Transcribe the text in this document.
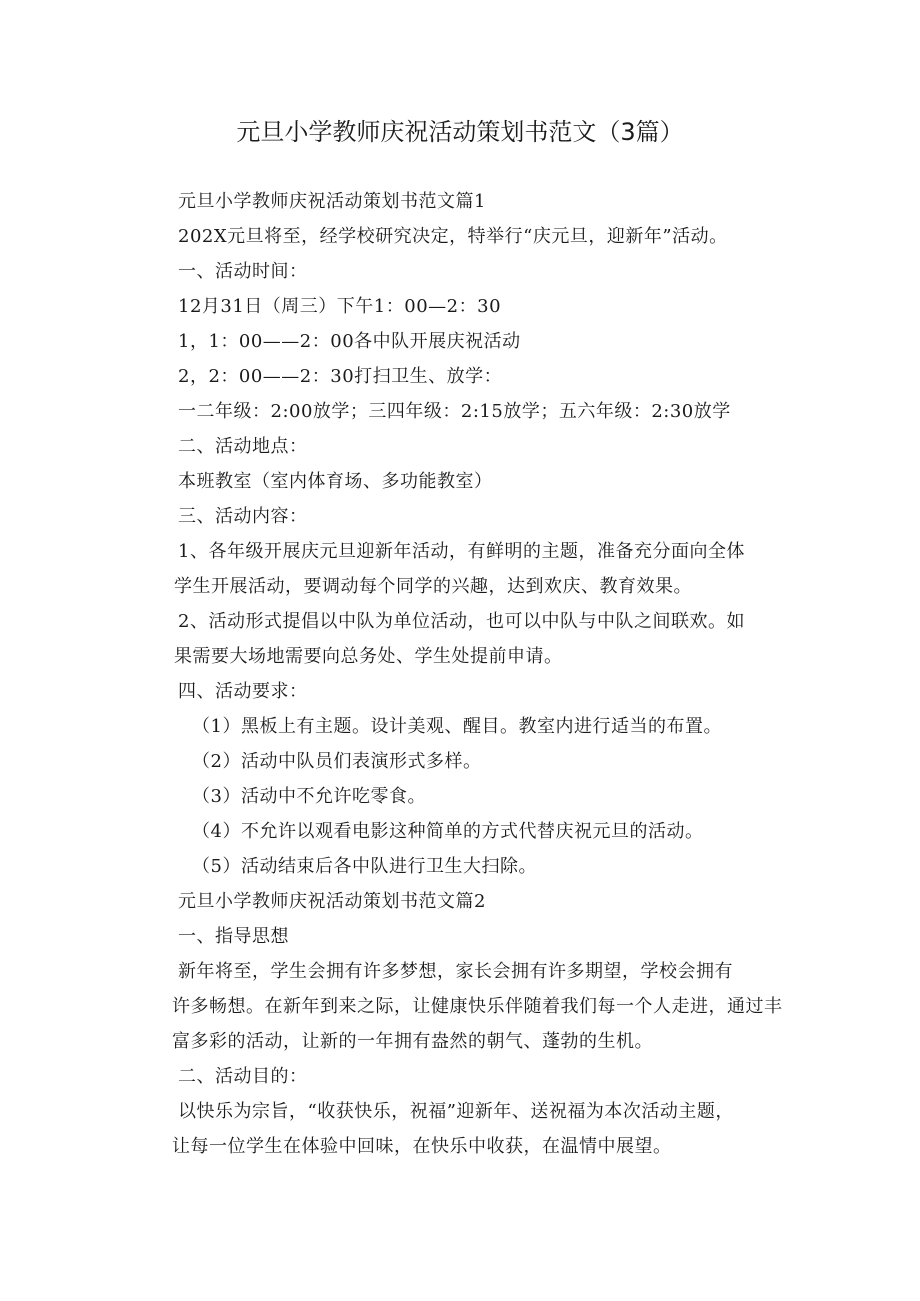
元旦小学教师庆祝活动策划书范文（3篇）

元旦小学教师庆祝活动策划书范文篇1

202X元旦将至，经学校研究决定，特举行“庆元旦，迎新年”活动。

一、活动时间：

12月31日（周三）下午1：00—2：30

1，1：00——2：00各中队开展庆祝活动

2，2：00——2：30打扫卫生、放学：

一二年级：2:00放学；三四年级：2:15放学；五六年级：2:30放学

二、活动地点：

本班教室（室内体育场、多功能教室）

三、活动内容：

1、各年级开展庆元旦迎新年活动，有鲜明的主题，准备充分面向全体
学生开展活动，要调动每个同学的兴趣，达到欢庆、教育效果。
2、活动形式提倡以中队为单位活动，也可以中队与中队之间联欢。如
果需要大场地需要向总务处、学生处提前申请。

四、活动要求：

（1）黑板上有主题。设计美观、醒目。教室内进行适当的布置。

（2）活动中队员们表演形式多样。

（3）活动中不允许吃零食。

（4）不允许以观看电影这种简单的方式代替庆祝元旦的活动。

（5）活动结束后各中队进行卫生大扫除。

元旦小学教师庆祝活动策划书范文篇2

一、指导思想

新年将至，学生会拥有许多梦想，家长会拥有许多期望，学校会拥有
许多畅想。在新年到来之际，让健康快乐伴随着我们每一个人走进，通过丰
富多彩的活动，让新的一年拥有盎然的朝气、蓬勃的生机。

二、活动目的：

以快乐为宗旨，“收获快乐，祝福”迎新年、送祝福为本次活动主题，
让每一位学生在体验中回味，在快乐中收获，在温情中展望。
